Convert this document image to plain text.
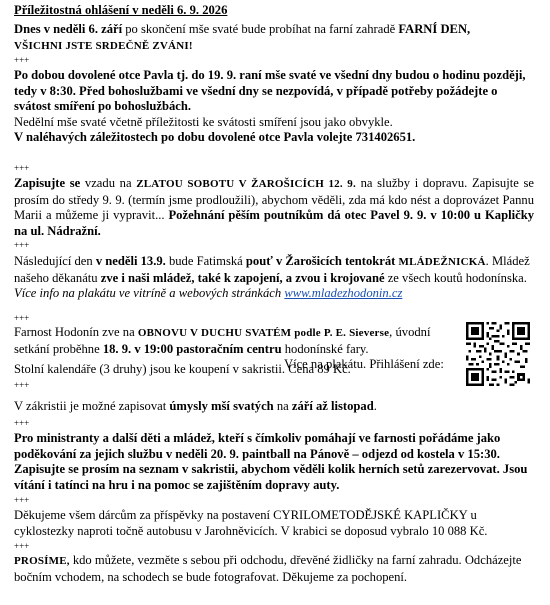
Příležitostná ohlášení v neděli 6. 9. 2026
Dnes v neděli 6. září po skončení mše svaté bude probíhat na farní zahradě FARNÍ DEN,
VŠICHNI JSTE SRDEČNĚ ZVÁNI!
+++
Po dobou dovolené otce Pavla tj. do 19. 9. raní mše svaté ve všední dny budou o hodinu později, tedy v 8:30. Před bohoslužbami ve všední dny se nezpovídá, v případě potřeby požádejte o svátost smíření po bohoslužbách.
Nedělní mše svaté včetně příležitosti ke svátosti smíření jsou jako obvykle.
V naléhavých záležitostech po dobu dovolené otce Pavla volejte 731402651.
+++
Zapisujte se vzadu na ZLATOU SOBOTU V ŽAROŠICÍCH 12. 9. na služby i dopravu. Zapisujte se prosím do středy 9. 9. (termín jsme prodloužili), abychom věděli, zda má kdo nést a doprovázet Pannu Marii a můžeme ji vypravit... Požehnání pěším poutníkům dá otec Pavel 9. 9. v 10:00 u Kapličky na ul. Nádražní.
+++
Následující den v neděli 13.9. bude Fatimská pouť v Žarošicích tentokrát MLÁDEŽNICKÁ. Mládež našeho děkanátu zve i naši mládež, také k zapojení, a zvou i krojované ze všech koutů hodonínska. Více info na plakátu ve vitríně a webových stránkách www.mladezhodonin.cz
+++
Farnost Hodonín zve na OBNOVU V DUCHU SVATÉM podle P. E. Sieverse, úvodní setkání proběhne 18. 9. v 19:00 pastoračním centru hodonínské fary.
Více na plakátu. Přihlášení zde:
Stolní kalendáře (3 druhy) jsou ke koupení v sakristii. Cena 89 Kč.
+++
V zákristii je možné zapisovat úmysly mší svatých na září až listopad.
+++
Pro ministranty a další děti a mládež, kteří s čímkoliv pomáhají ve farnosti pořádáme jako poděkování za jejich službu v neděli 20. 9. paintball na Pánově – odjezd od kostela v 15:30. Zapisujte se prosím na seznam v sakristii, abychom věděli kolik herních setů zarezervovat. Jsou vítání i tatínci na hru i na pomoc se zajištěním dopravy auty.
+++
Děkujeme všem dárcům za příspěvky na postavení CYRILOMETODĚJSKÉ KAPLIČKY u cyklostezky naproti točně autobusu v Jarohněvicích. V krabici se doposud vybralo 10 088 Kč.
+++
PROSÍME, kdo můžete, vezměte s sebou při odchodu, dřevěné židličky na farní zahradu. Odcházejte bočním vchodem, na schodech se bude fotografovat. Děkujeme za pochopení.
